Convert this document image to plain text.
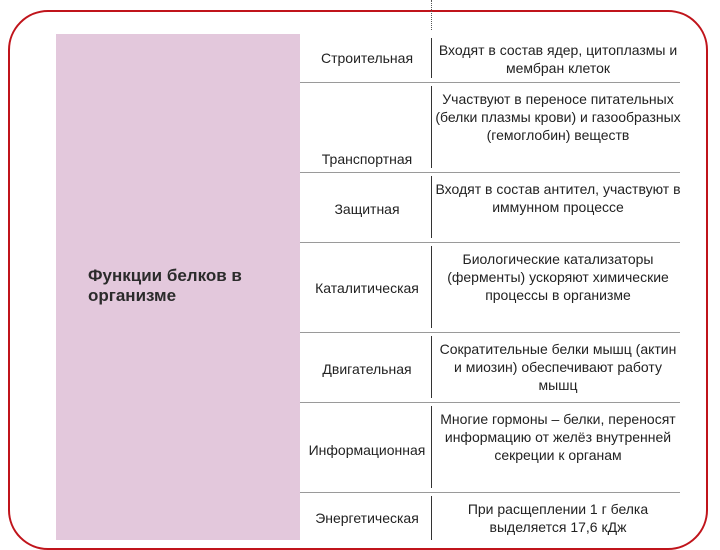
Функции белков в организме
Строительная	Входят в состав ядер, цитоплазмы и мембран клеток
Транспортная
Участвуют в переносе питательных (белки плазмы крови) и газообразных (гемоглобин) веществ
Защитная
Входят в состав антител, участвуют в иммунном процессе
Каталитическая
Биологические катализаторы (ферменты) ускоряют химические процессы в организме
Двигательная
Сократительные белки мышц (актин и миозин) обеспечивают работу мышц
Информационная
Многие гормоны – белки, переносят информацию от желёз внутренней секреции к органам
Энергетическая
При расщеплении 1 г белка выделяется 17,6 кДж
